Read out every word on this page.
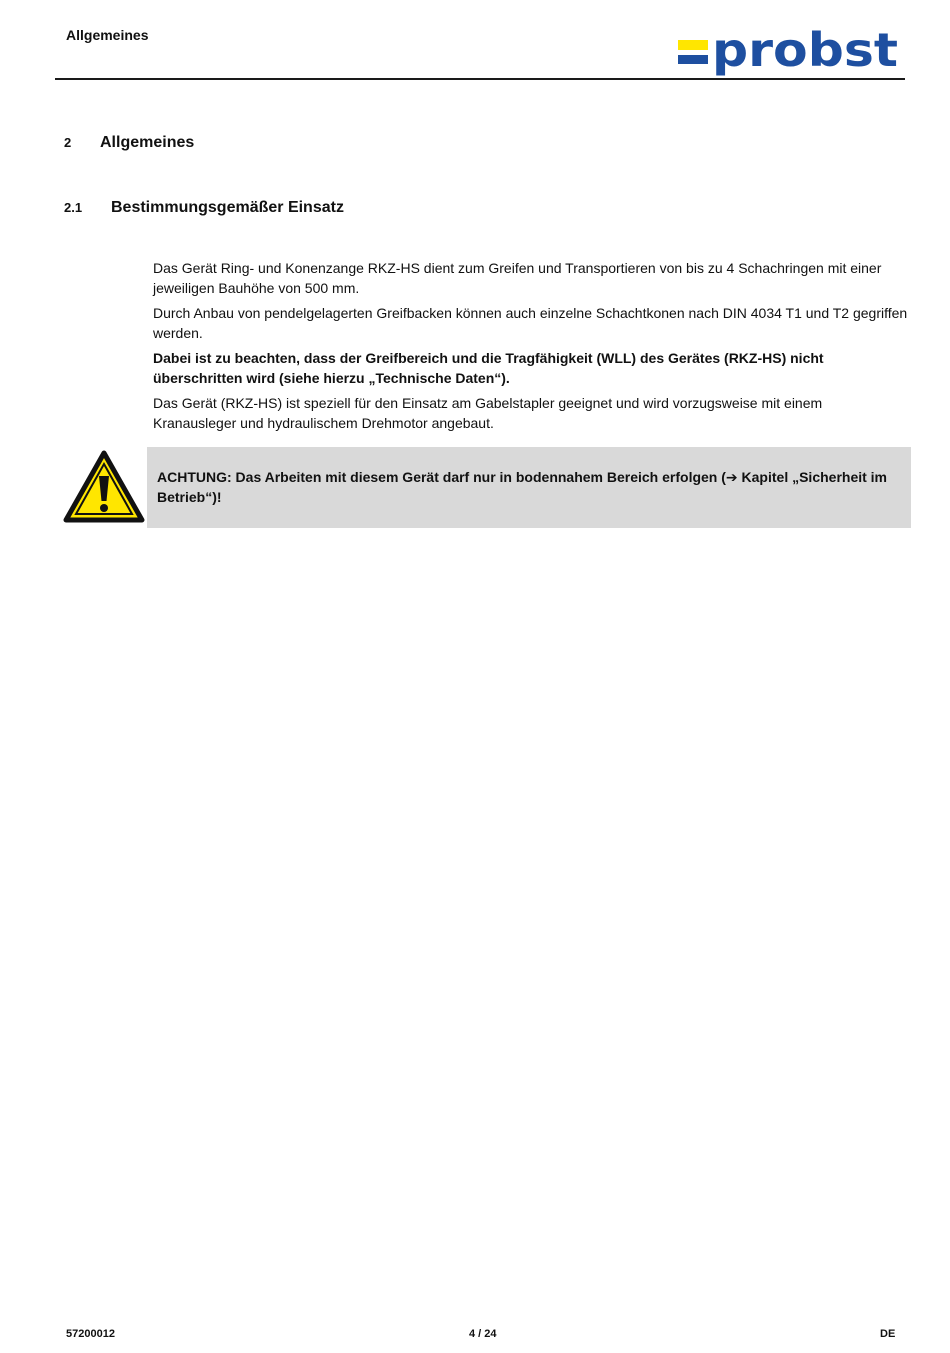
Allgemeines	probst
2 Allgemeines
2.1 Bestimmungsgemäßer Einsatz

Das Gerät Ring- und Konenzange RKZ-HS dient zum Greifen und Transportieren von bis zu 4 Schachringen mit einer jeweiligen Bauhöhe von 500 mm.

Durch Anbau von pendelgelagerten Greifbacken können auch einzelne Schachtkonen nach DIN 4034 T1 und T2 gegriffen werden.

Dabei ist zu beachten, dass der Greifbereich und die Tragfähigkeit (WLL) des Gerätes (RKZ-HS) nicht überschritten wird (siehe hierzu „Technische Daten“).

Das Gerät (RKZ-HS) ist speziell für den Einsatz am Gabelstapler geeignet und wird vorzugsweise mit einem Kranausleger und hydraulischem Drehmotor angebaut.

ACHTUNG: Das Arbeiten mit diesem Gerät darf nur in bodennahem Bereich erfolgen (➔ Kapitel „Sicherheit im Betrieb“)!
57200012	4 / 24	DE
